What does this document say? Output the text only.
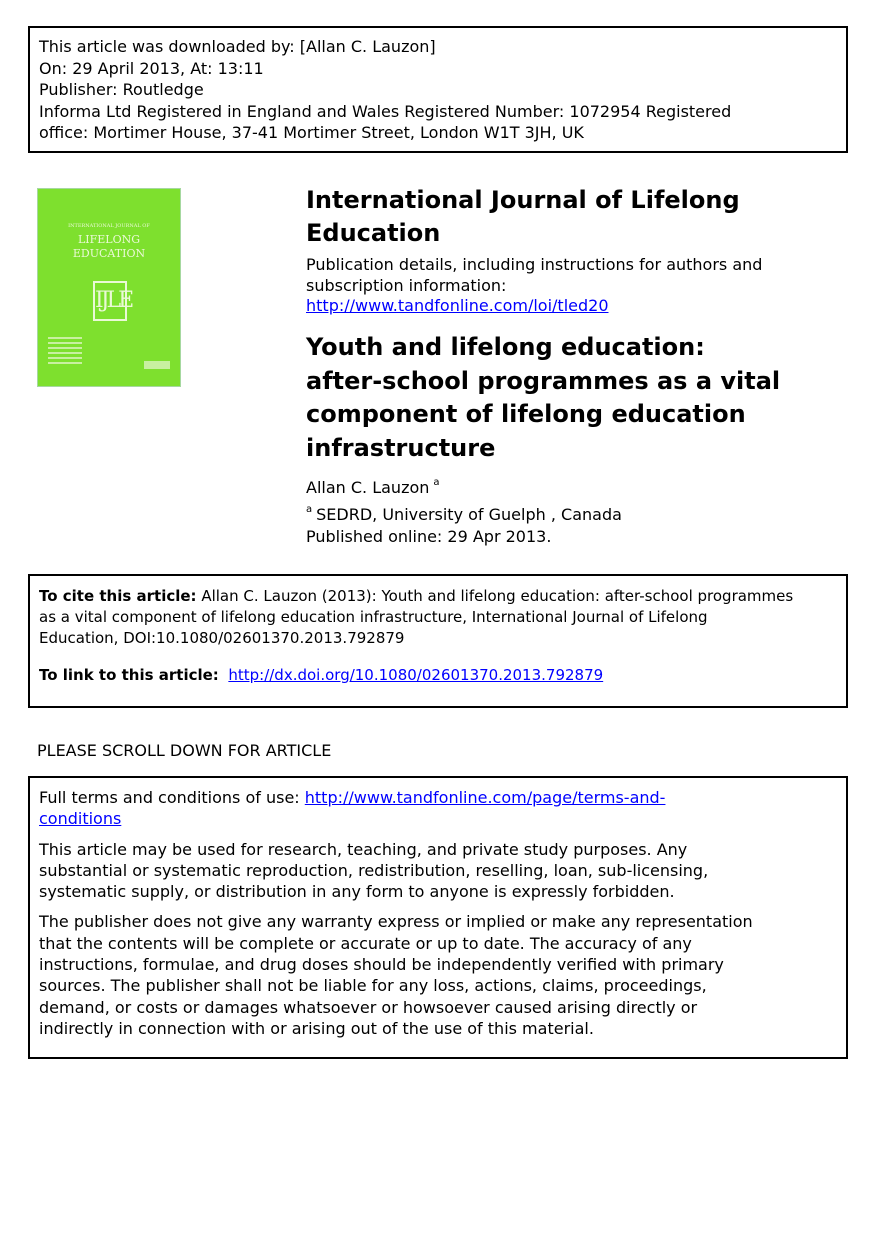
This article was downloaded by: [Allan C. Lauzon]
On: 29 April 2013, At: 13:11
Publisher: Routledge
Informa Ltd Registered in England and Wales Registered Number: 1072954 Registered
office: Mortimer House, 37-41 Mortimer Street, London W1T 3JH, UK
INTERNATIONAL JOURNAL OF
LIFELONG
EDUCATION
IJLE
International Journal of Lifelong
Education
Publication details, including instructions for authors and
subscription information:
http://www.tandfonline.com/loi/tled20
Youth and lifelong education:
after-school programmes as a vital
component of lifelong education
infrastructure
Allan C. Lauzon $^a$
$^a$ SEDRD, University of Guelph , Canada
Published online: 29 Apr 2013.
To cite this article: Allan C. Lauzon (2013): Youth and lifelong education: after-school programmes
as a vital component of lifelong education infrastructure, International Journal of Lifelong
Education, DOI:10.1080/02601370.2013.792879
To link to this article: http://dx.doi.org/10.1080/02601370.2013.792879
PLEASE SCROLL DOWN FOR ARTICLE

Full terms and conditions of use: http://www.tandfonline.com/page/terms-and-
conditions

This article may be used for research, teaching, and private study purposes. Any
substantial or systematic reproduction, redistribution, reselling, loan, sub-licensing,
systematic supply, or distribution in any form to anyone is expressly forbidden.

The publisher does not give any warranty express or implied or make any representation
that the contents will be complete or accurate or up to date. The accuracy of any
instructions, formulae, and drug doses should be independently verified with primary
sources. The publisher shall not be liable for any loss, actions, claims, proceedings,
demand, or costs or damages whatsoever or howsoever caused arising directly or
indirectly in connection with or arising out of the use of this material.
